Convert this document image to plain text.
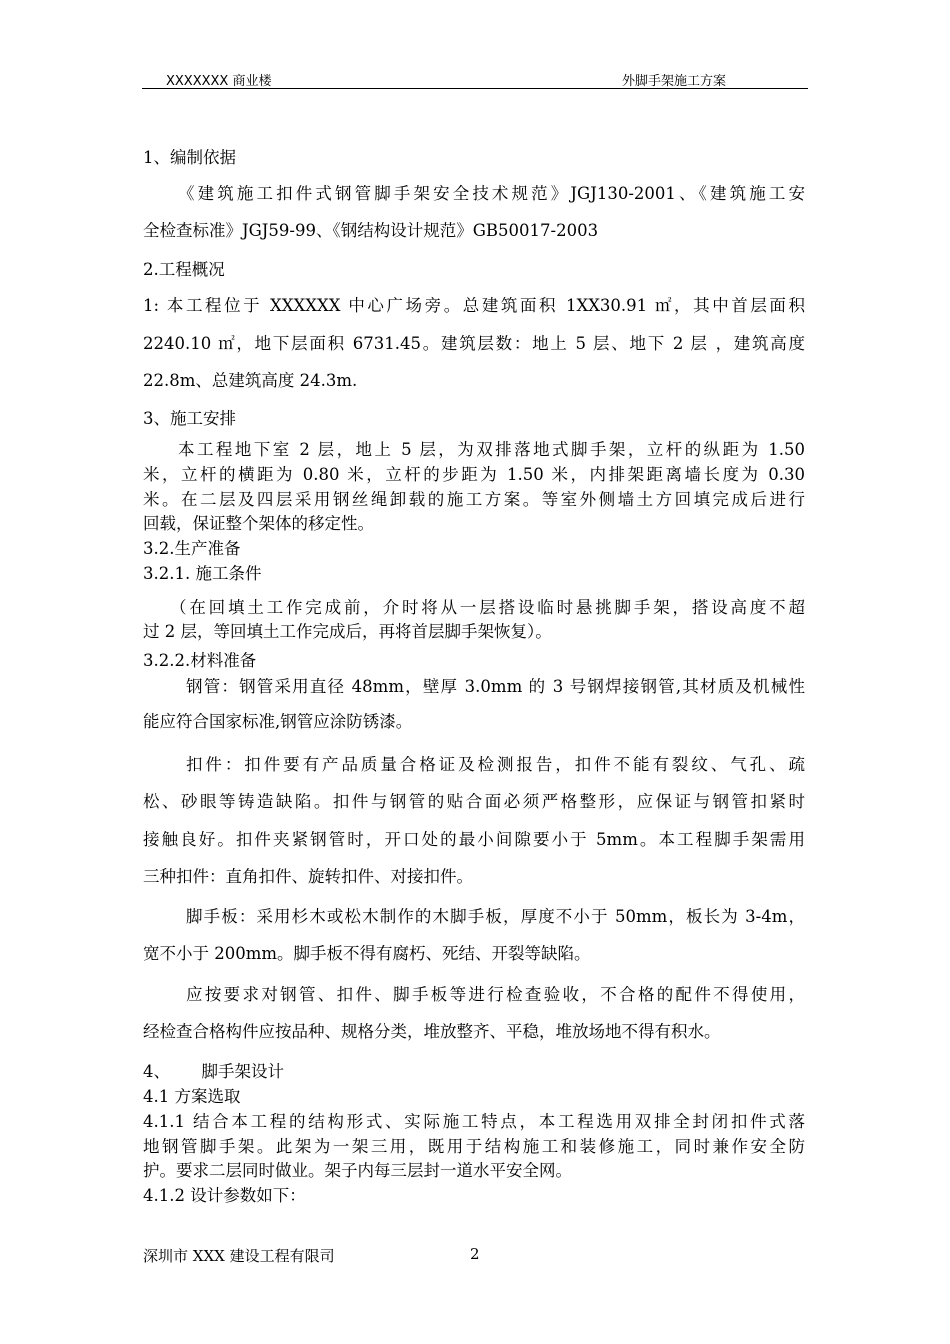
XXXXXXX 商业楼	外脚手架施工方案
1、编制依据
《建筑施工扣件式钢管脚手架安全技术规范》JGJ130-2001、《建筑施工安
全检查标准》JGJ59-99、《钢结构设计规范》GB50017-2003
2.工程概况
1: 本工程位于 XXXXXX 中心广场旁。总建筑面积 1XX30.91 ㎡，其中首层面积
2240.10 ㎡，地下层面积 6731.45。建筑层数：地上 5 层、地下 2 层 ，建筑高度
22.8m、总建筑高度 24.3m.
3、施工安排
本工程地下室 2 层，地上 5 层，为双排落地式脚手架，立杆的纵距为 1.50
米，立杆的横距为 0.80 米，立杆的步距为 1.50 米，内排架距离墙长度为 0.30
米。在二层及四层采用钢丝绳卸载的施工方案。等室外侧墙土方回填完成后进行
回载，保证整个架体的移定性。
3.2.生产准备
3.2.1. 施工条件
（在回填土工作完成前，介时将从一层搭设临时悬挑脚手架，搭设高度不超
过 2 层，等回填土工作完成后，再将首层脚手架恢复）。
3.2.2.材料准备
钢管：钢管采用直径 48mm，壁厚 3.0mm 的 3 号钢焊接钢管,其材质及机械性
能应符合国家标准,钢管应涂防锈漆。
扣件：扣件要有产品质量合格证及检测报告，扣件不能有裂纹、气孔、疏
松、砂眼等铸造缺陷。扣件与钢管的贴合面必须严格整形，应保证与钢管扣紧时
接触良好。扣件夹紧钢管时，开口处的最小间隙要小于 5mm。本工程脚手架需用
三种扣件：直角扣件、旋转扣件、对接扣件。
脚手板：采用杉木或松木制作的木脚手板，厚度不小于 50mm，板长为 3-4m，
宽不小于 200mm。脚手板不得有腐朽、死结、开裂等缺陷。
应按要求对钢管、扣件、脚手板等进行检查验收，不合格的配件不得使用，
经检查合格构件应按品种、规格分类，堆放整齐、平稳，堆放场地不得有积水。
4、      脚手架设计
4.1 方案选取
4.1.1 结合本工程的结构形式、实际施工特点，本工程选用双排全封闭扣件式落
地钢管脚手架。此架为一架三用，既用于结构施工和装修施工，同时兼作安全防
护。要求二层同时做业。架子内每三层封一道水平安全网。
4.1.2 设计参数如下：
深圳市 XXX 建设工程有限司	2
